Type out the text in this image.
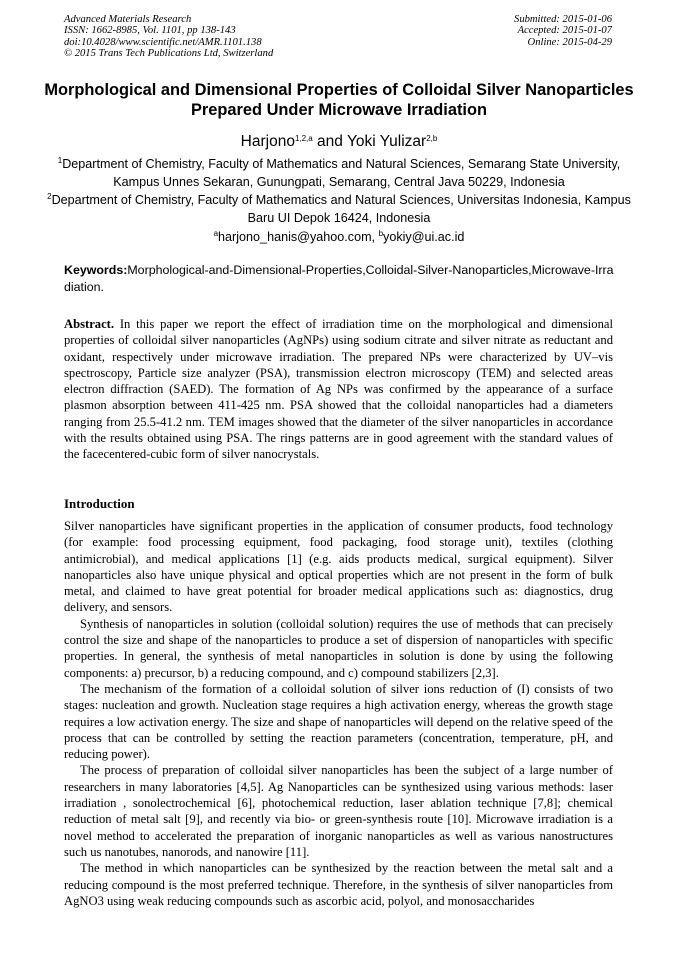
Advanced Materials Research
ISSN: 1662-8985, Vol. 1101, pp 138-143
doi:10.4028/www.scientific.net/AMR.1101.138
© 2015 Trans Tech Publications Ltd, Switzerland
Submitted: 2015-01-06
Accepted: 2015-01-07
Online: 2015-04-29
Morphological and Dimensional Properties of Colloidal Silver Nanoparticles Prepared Under Microwave Irradiation
Harjono$^{1,2,a}$ and Yoki Yulizar$^{2,b}$
$^1$Department of Chemistry, Faculty of Mathematics and Natural Sciences, Semarang State University, Kampus Unnes Sekaran, Gunungpati, Semarang, Central Java 50229, Indonesia
$^2$Department of Chemistry, Faculty of Mathematics and Natural Sciences, Universitas Indonesia, Kampus Baru UI Depok 16424, Indonesia
$^a$harjono_hanis@yahoo.com, $^b$yokiy@ui.ac.id
Keywords:Morphological-and-Dimensional-Properties,Colloidal-Silver-Nanoparticles,Microwave-Irradiation.

Abstract. In this paper we report the effect of irradiation time on the morphological and dimensional properties of colloidal silver nanoparticles (AgNPs) using sodium citrate and silver nitrate as reductant and oxidant, respectively under microwave irradiation. The prepared NPs were characterized by UV–vis spectroscopy, Particle size analyzer (PSA), transmission electron microscopy (TEM) and selected areas electron diffraction (SAED). The formation of Ag NPs was confirmed by the appearance of a surface plasmon absorption between 411-425 nm. PSA showed that the colloidal nanoparticles had a diameters ranging from 25.5-41.2 nm. TEM images showed that the diameter of the silver nanoparticles in accordance with the results obtained using PSA. The rings patterns are in good agreement with the standard values of the facecentered-cubic form of silver nanocrystals.

Introduction

Silver nanoparticles have significant properties in the application of consumer products, food technology (for example: food processing equipment, food packaging, food storage unit), textiles (clothing antimicrobial), and medical applications [1] (e.g. aids products medical, surgical equipment). Silver nanoparticles also have unique physical and optical properties which are not present in the form of bulk metal, and claimed to have great potential for broader medical applications such as: diagnostics, drug delivery, and sensors.

Synthesis of nanoparticles in solution (colloidal solution) requires the use of methods that can precisely control the size and shape of the nanoparticles to produce a set of dispersion of nanoparticles with specific properties. In general, the synthesis of metal nanoparticles in solution is done by using the following components: a) precursor, b) a reducing compound, and c) compound stabilizers [2,3].

The mechanism of the formation of a colloidal solution of silver ions reduction of (I) consists of two stages: nucleation and growth. Nucleation stage requires a high activation energy, whereas the growth stage requires a low activation energy. The size and shape of nanoparticles will depend on the relative speed of the process that can be controlled by setting the reaction parameters (concentration, temperature, pH, and reducing power).

The process of preparation of colloidal silver nanoparticles has been the subject of a large number of researchers in many laboratories [4,5]. Ag Nanoparticles can be synthesized using various methods: laser irradiation , sonolectrochemical [6], photochemical reduction, laser ablation technique [7,8]; chemical reduction of metal salt [9], and recently via bio- or green-synthesis route [10]. Microwave irradiation is a novel method to accelerated the preparation of inorganic nanoparticles as well as various nanostructures such us nanotubes, nanorods, and nanowire [11].

The method in which nanoparticles can be synthesized by the reaction between the metal salt and a reducing compound is the most preferred technique. Therefore, in the synthesis of silver nanoparticles from AgNO3 using weak reducing compounds such as ascorbic acid, polyol, and monosaccharides
